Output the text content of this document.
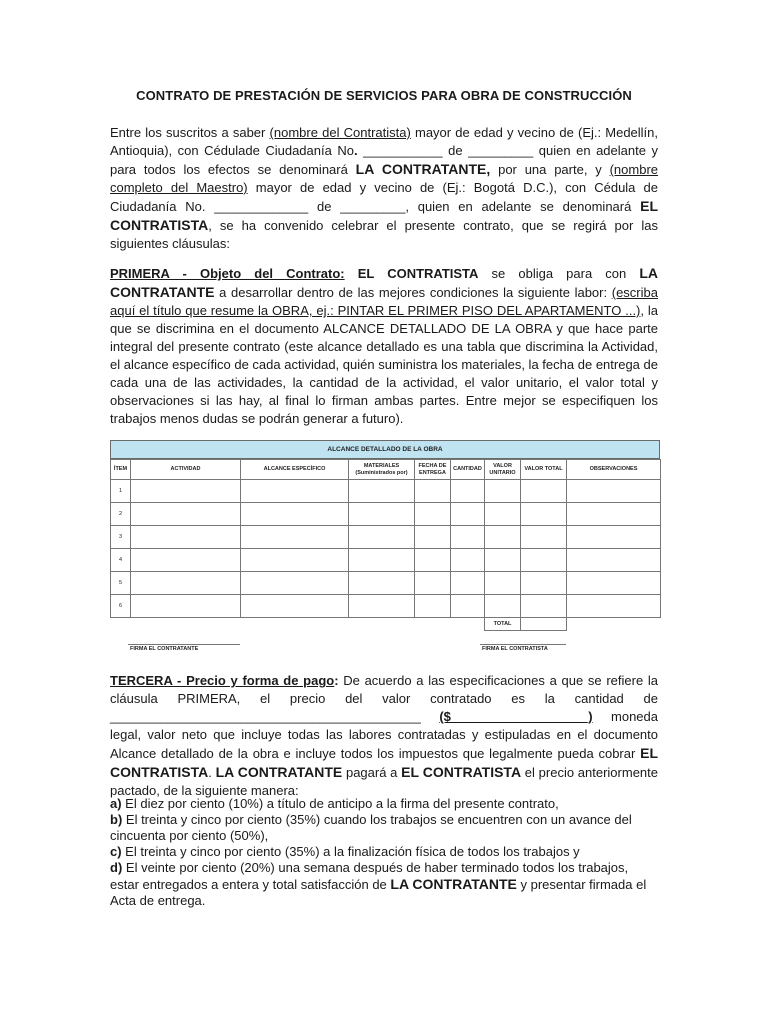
CONTRATO DE PRESTACIÓN DE SERVICIOS PARA OBRA DE CONSTRUCCIÓN
Entre los suscritos a saber (nombre del Contratista) mayor de edad y vecino de (Ej.: Medellín, Antioquia), con Cédulade Ciudadanía No. ___________ de _________ quien en adelante y para todos los efectos se denominará LA CONTRATANTE, por una parte, y (nombre completo del Maestro) mayor de edad y vecino de (Ej.: Bogotá D.C.), con Cédula de Ciudadanía No. _____________ de _________, quien en adelante se denominará EL CONTRATISTA, se ha convenido celebrar el presente contrato, que se regirá por las siguientes cláusulas:
PRIMERA - Objeto del Contrato: EL CONTRATISTA se obliga para con LA CONTRATANTE a desarrollar dentro de las mejores condiciones la siguiente labor: (escriba aquí el título que resume la OBRA, ej.: PINTAR EL PRIMER PISO DEL APARTAMENTO ...), la que se discrimina en el documento ALCANCE DETALLADO DE LA OBRA y que hace parte integral del presente contrato (este alcance detallado es una tabla que discrimina la Actividad, el alcance específico de cada actividad, quién suministra los materiales, la fecha de entrega de cada una de las actividades, la cantidad de la actividad, el valor unitario, el valor total y observaciones si las hay, al final lo firman ambas partes. Entre mejor se especifiquen los trabajos menos dudas se podrán generar a futuro).
ALCANCE DETALLADO DE LA OBRA
ÍTEM	ACTIVIDAD	ALCANCE ESPECÍFICO	MATERIALES (Suministrados por)	FECHA DE ENTREGA	CANTIDAD	VALOR UNITARIO	VALOR TOTAL	OBSERVACIONES
1								
2								
3								
4								
5								
6								
						TOTAL		
FIRMA EL CONTRATANTE	FIRMA EL CONTRATISTA
TERCERA - Precio y forma de pago: De acuerdo a las especificaciones a que se refiere la cláusula PRIMERA, el precio del valor contratado es la cantidad de ___________________________________________ ($___________________) moneda legal, valor neto que incluye todas las labores contratadas y estipuladas en el documento Alcance detallado de la obra e incluye todos los impuestos que legalmente pueda cobrar EL CONTRATISTA. LA CONTRATANTE pagará a EL CONTRATISTA el precio anteriormente pactado, de la siguiente manera:
a) El diez por ciento (10%) a título de anticipo a la firma del presente contrato,
b) El treinta y cinco por ciento (35%) cuando los trabajos se encuentren con un avance del cincuenta por ciento (50%),
c) El treinta y cinco por ciento (35%) a la finalización física de todos los trabajos y
d) El veinte por ciento (20%) una semana después de haber terminado todos los trabajos, estar entregados a entera y total satisfacción de LA CONTRATANTE y presentar firmada el Acta de entrega.
